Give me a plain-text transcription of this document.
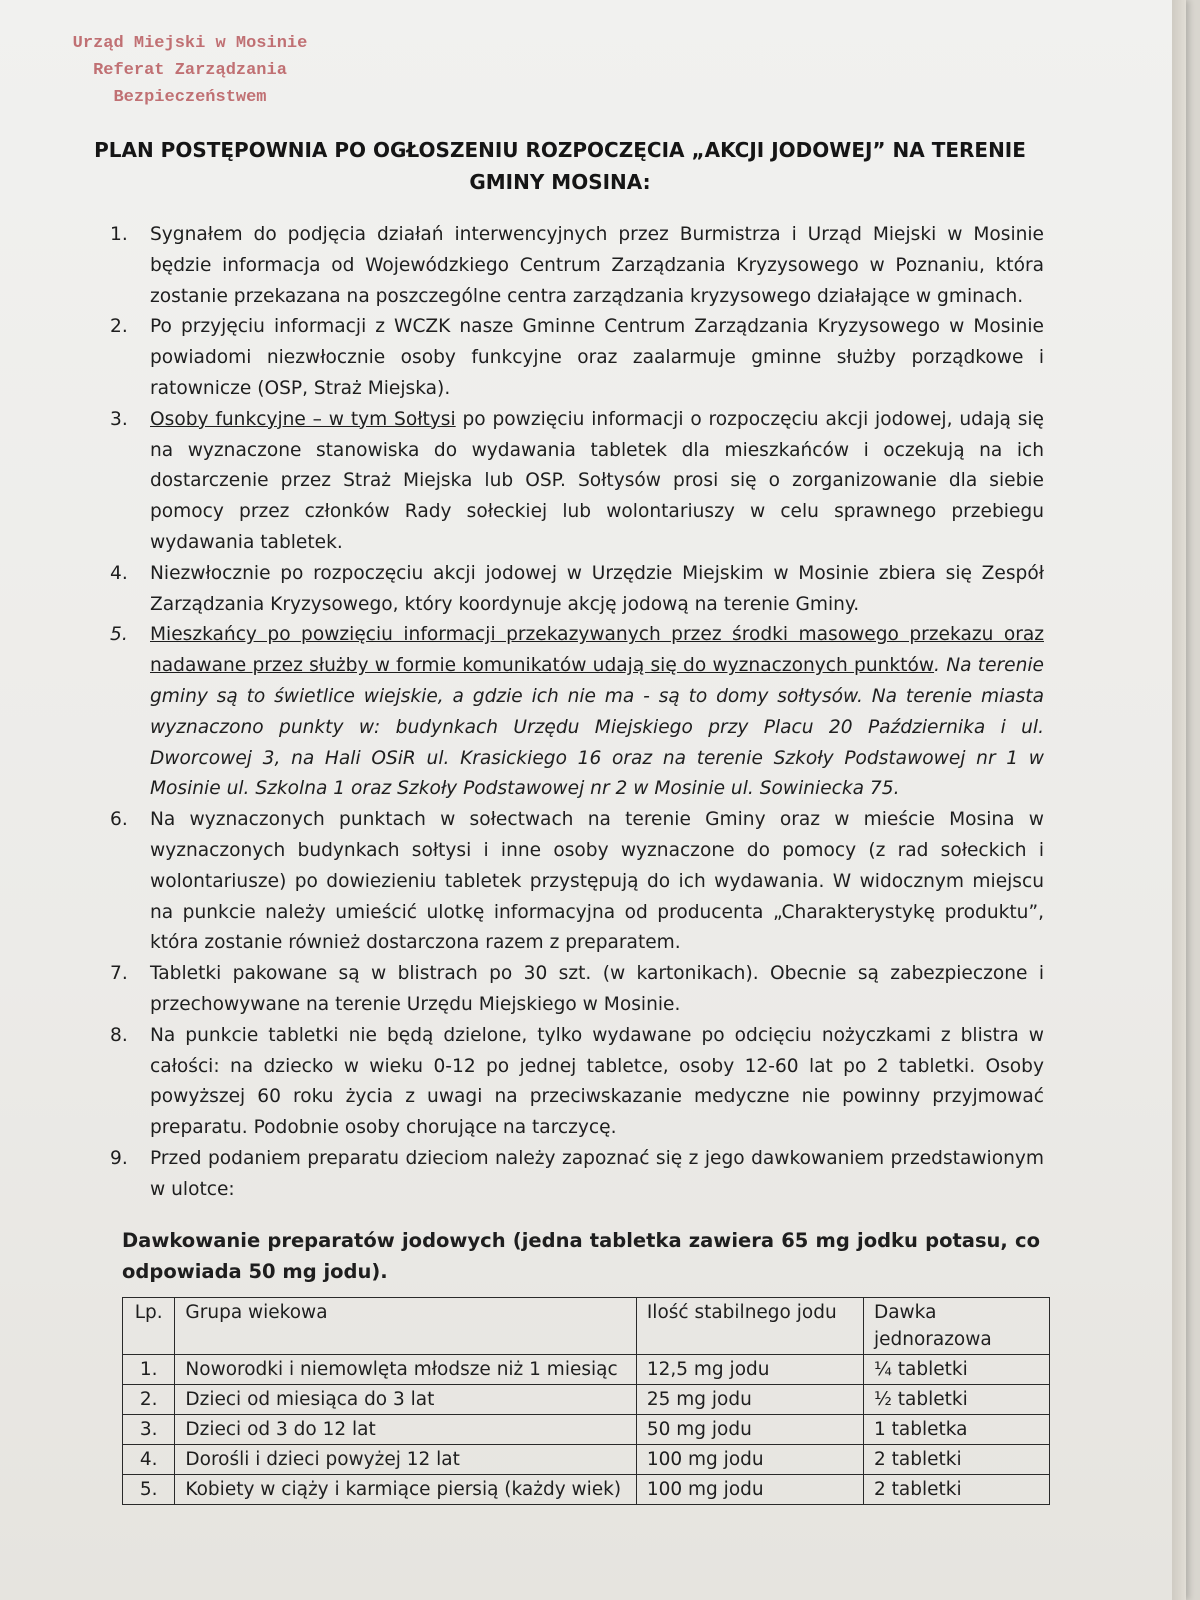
Urząd Miejski w Mosinie
Referat Zarządzania
Bezpieczeństwem
PLAN POSTĘPOWNIA PO OGŁOSZENIU ROZPOCZĘCIA „AKCJI JODOWEJ” NA TERENIE
GMINY MOSINA:
1. Sygnałem do podjęcia działań interwencyjnych przez Burmistrza i Urząd Miejski w Mosinie będzie informacja od Wojewódzkiego Centrum Zarządzania Kryzysowego w Poznaniu, która zostanie przekazana na poszczególne centra zarządzania kryzysowego działające w gminach.
2. Po przyjęciu informacji z WCZK nasze Gminne Centrum Zarządzania Kryzysowego w Mosinie powiadomi niezwłocznie osoby funkcyjne oraz zaalarmuje gminne służby porządkowe i ratownicze (OSP, Straż Miejska).
3. Osoby funkcyjne – w tym Sołtysi po powzięciu informacji o rozpoczęciu akcji jodowej, udają się na wyznaczone stanowiska do wydawania tabletek dla mieszkańców i oczekują na ich dostarczenie przez Straż Miejska lub OSP. Sołtysów prosi się o zorganizowanie dla siebie pomocy przez członków Rady sołeckiej lub wolontariuszy w celu sprawnego przebiegu wydawania tabletek.
4. Niezwłocznie po rozpoczęciu akcji jodowej w Urzędzie Miejskim w Mosinie zbiera się Zespół Zarządzania Kryzysowego, który koordynuje akcję jodową na terenie Gminy.
5. Mieszkańcy po powzięciu informacji przekazywanych przez środki masowego przekazu oraz nadawane przez służby w formie komunikatów udają się do wyznaczonych punktów. Na terenie gminy są to świetlice wiejskie, a gdzie ich nie ma - są to domy sołtysów. Na terenie miasta wyznaczono punkty w: budynkach Urzędu Miejskiego przy Placu 20 Października i ul. Dworcowej 3, na Hali OSiR ul. Krasickiego 16 oraz na terenie Szkoły Podstawowej nr 1 w Mosinie ul. Szkolna 1 oraz Szkoły Podstawowej nr 2 w Mosinie ul. Sowiniecka 75.
6. Na wyznaczonych punktach w sołectwach na terenie Gminy oraz w mieście Mosina w wyznaczonych budynkach sołtysi i inne osoby wyznaczone do pomocy (z rad sołeckich i wolontariusze) po dowiezieniu tabletek przystępują do ich wydawania. W widocznym miejscu na punkcie należy umieścić ulotkę informacyjna od producenta „Charakterystykę produktu”, która zostanie również dostarczona razem z preparatem.
7. Tabletki pakowane są w blistrach po 30 szt. (w kartonikach). Obecnie są zabezpieczone i przechowywane na terenie Urzędu Miejskiego w Mosinie.
8. Na punkcie tabletki nie będą dzielone, tylko wydawane po odcięciu nożyczkami z blistra w całości: na dziecko w wieku 0-12 po jednej tabletce, osoby 12-60 lat po 2 tabletki. Osoby powyższej 60 roku życia z uwagi na przeciwskazanie medyczne nie powinny przyjmować preparatu. Podobnie osoby chorujące na tarczycę.
9. Przed podaniem preparatu dzieciom należy zapoznać się z jego dawkowaniem przedstawionym w ulotce:
Dawkowanie preparatów jodowych (jedna tabletka zawiera 65 mg jodku potasu, co odpowiada 50 mg jodu).
Lp.	Grupa wiekowa	Ilość stabilnego jodu	Dawka jednorazowa
1.	Noworodki i niemowlęta młodsze niż 1 miesiąc	12,5 mg jodu	¼ tabletki
2.	Dzieci od miesiąca do 3 lat	25 mg jodu	½ tabletki
3.	Dzieci od 3 do 12 lat	50 mg jodu	1 tabletka
4.	Dorośli i dzieci powyżej 12 lat	100 mg jodu	2 tabletki
5.	Kobiety w ciąży i karmiące piersią (każdy wiek)	100 mg jodu	2 tabletki
